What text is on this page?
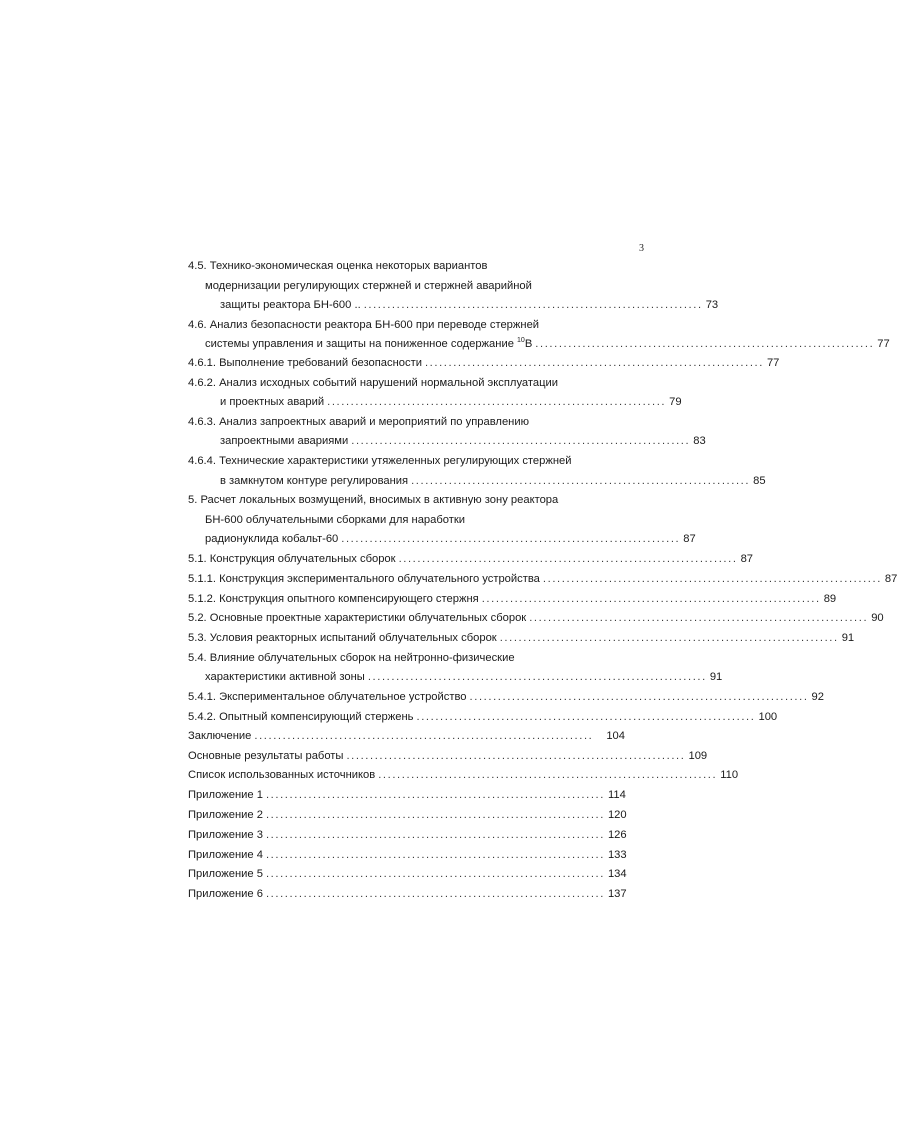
3
4.5. Технико-экономическая оценка некоторых вариантов
модернизации регулирующих стержней и стержней аварийной
защиты реактора БН-600 .. ........................................................................ 73
4.6. Анализ безопасности реактора БН-600 при переводе стержней
системы управления и защиты на пониженное содержание $^{10}$В ........................................................................ 77
4.6.1. Выполнение требований безопасности ........................................................................ 77
4.6.2. Анализ исходных событий нарушений нормальной эксплуатации
и проектных аварий ........................................................................ 79
4.6.3. Анализ запроектных аварий и мероприятий по управлению
запроектными авариями ........................................................................ 83
4.6.4. Технические характеристики утяжеленных регулирующих стержней
в замкнутом контуре регулирования ........................................................................ 85
5. Расчет локальных возмущений, вносимых в активную зону реактора
БН-600 облучательными сборками для наработки
радионуклида кобальт-60 ........................................................................ 87
5.1. Конструкция облучательных сборок ........................................................................ 87
5.1.1. Конструкция экспериментального облучательного устройства ........................................................................ 87
5.1.2. Конструкция опытного компенсирующего стержня ........................................................................ 89
5.2. Основные проектные характеристики облучательных сборок ........................................................................ 90
5.3. Условия реакторных испытаний облучательных сборок ........................................................................ 91
5.4. Влияние облучательных сборок на нейтронно-физические
характеристики активной зоны ........................................................................ 91
5.4.1. Экспериментальное облучательное устройство ........................................................................ 92
5.4.2. Опытный компенсирующий стержень ........................................................................ 100
Заключение ........................................................................	104
Основные результаты работы ........................................................................ 109
Список использованных источников ........................................................................ 110
Приложение 1 ........................................................................ 114
Приложение 2 ........................................................................ 120
Приложение 3 ........................................................................ 126
Приложение 4 ........................................................................ 133
Приложение 5 ........................................................................ 134
Приложение 6 ........................................................................ 137
